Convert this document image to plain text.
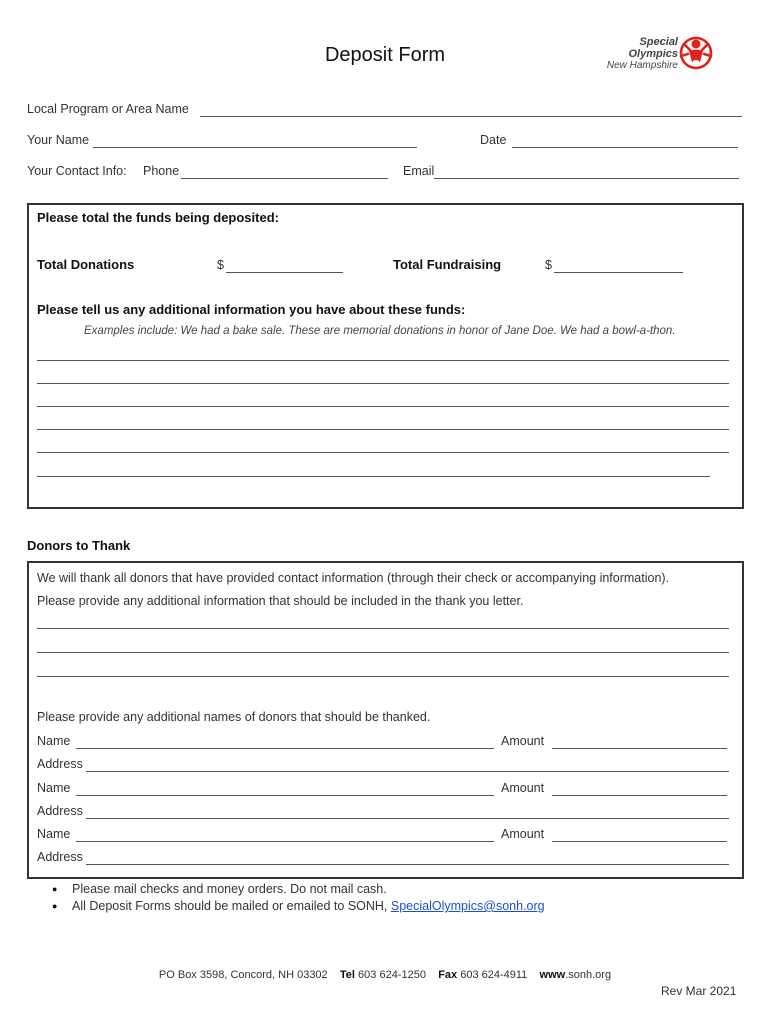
Deposit Form
Special
Olympics
New Hampshire
Local Program or Area Name
Your Name	Date
Your Contact Info: Phone	Email
Please total the funds being deposited:
Total Donations	$	Total Fundraising	$
Please tell us any additional information you have about these funds:
Examples include: We had a bake sale. These are memorial donations in honor of Jane Doe. We had a bowl-a-thon.
Donors to Thank
We will thank all donors that have provided contact information (through their check or accompanying information).
Please provide any additional information that should be included in the thank you letter.
Please provide any additional names of donors that should be thanked.
Name	Amount
Address
Name	Amount
Address
Name	Amount
Address
● Please mail checks and money orders. Do not mail cash.
● All Deposit Forms should be mailed or emailed to SONH, SpecialOlympics@sonh.org
PO Box 3598, Concord, NH 03302 Tel 603 624-1250 Fax 603 624-4911 www.sonh.org
Rev Mar 2021
